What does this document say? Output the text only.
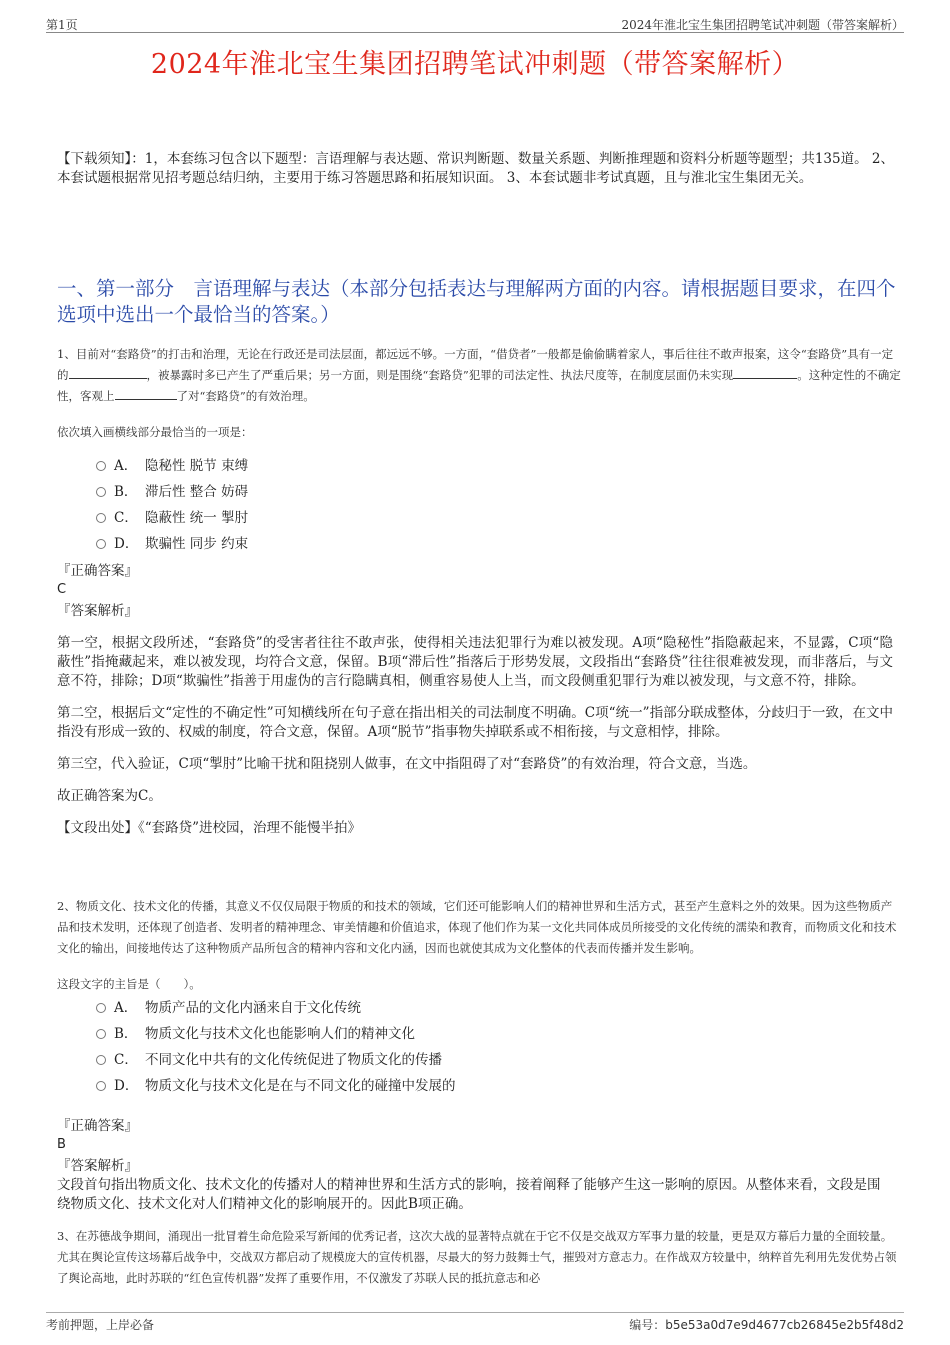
第1页	2024年淮北宝生集团招聘笔试冲刺题（带答案解析）
2024年淮北宝生集团招聘笔试冲刺题（带答案解析）
【下载须知】：1，本套练习包含以下题型：言语理解与表达题、常识判断题、数量关系题、判断推理题和资料分析题等题型；共135道。 2、本套试题根据常见招考题总结归纳，主要用于练习答题思路和拓展知识面。 3、本套试题非考试真题，且与淮北宝生集团无关。
一、第一部分　言语理解与表达（本部分包括表达与理解两方面的内容。请根据题目要求，在四个选项中选出一个最恰当的答案。）
1、目前对“套路贷”的打击和治理，无论在行政还是司法层面，都远远不够。一方面，“借贷者”一般都是偷偷瞒着家人，事后往往不敢声报案，这令“套路贷”具有一定的	，被暴露时多已产生了严重后果；另一方面，则是围绕“套路贷”犯罪的司法定性、执法尺度等，在制度层面仍未实现	。这种定性的不确定性，客观上	了对“套路贷”的有效治理。
依次填入画横线部分最恰当的一项是：
A． 隐秘性 脱节 束缚
B． 滞后性 整合 妨碍
C． 隐蔽性 统一 掣肘
D． 欺骗性 同步 约束
『正确答案』
C
『答案解析』

第一空，根据文段所述，“套路贷”的受害者往往不敢声张，使得相关违法犯罪行为难以被发现。A项“隐秘性”指隐蔽起来，不显露，C项“隐蔽性”指掩藏起来，难以被发现，均符合文意，保留。B项“滞后性”指落后于形势发展，文段指出“套路贷”往往很难被发现，而非落后，与文意不符，排除；D项“欺骗性”指善于用虚伪的言行隐瞒真相，侧重容易使人上当，而文段侧重犯罪行为难以被发现，与文意不符，排除。

第二空，根据后文“定性的不确定性”可知横线所在句子意在指出相关的司法制度不明确。C项“统一”指部分联成整体，分歧归于一致，在文中指没有形成一致的、权威的制度，符合文意，保留。A项“脱节”指事物失掉联系或不相衔接，与文意相悖，排除。

第三空，代入验证，C项“掣肘”比喻干扰和阻挠别人做事，在文中指阻碍了对“套路贷”的有效治理，符合文意，当选。

故正确答案为C。

【文段出处】《“套路贷”进校园，治理不能慢半拍》

2、物质文化、技术文化的传播，其意义不仅仅局限于物质的和技术的领域，它们还可能影响人们的精神世界和生活方式，甚至产生意料之外的效果。因为这些物质产品和技术发明，还体现了创造者、发明者的精神理念、审美情趣和价值追求，体现了他们作为某一文化共同体成员所接受的文化传统的濡染和教育，而物质文化和技术文化的输出，间接地传达了这种物质产品所包含的精神内容和文化内涵，因而也就使其成为文化整体的代表而传播并发生影响。
这段文字的主旨是（　　）。
A． 物质产品的文化内涵来自于文化传统
B． 物质文化与技术文化也能影响人们的精神文化
C． 不同文化中共有的文化传统促进了物质文化的传播
D． 物质文化与技术文化是在与不同文化的碰撞中发展的
『正确答案』
B
『答案解析』
文段首句指出物质文化、技术文化的传播对人的精神世界和生活方式的影响，接着阐释了能够产生这一影响的原因。从整体来看，文段是围绕物质文化、技术文化对人们精神文化的影响展开的。因此B项正确。
3、在苏德战争期间，涌现出一批冒着生命危险采写新闻的优秀记者，这次大战的显著特点就在于它不仅是交战双方军事力量的较量，更是双方幕后力量的全面较量。尤其在舆论宣传这场幕后战争中，交战双方都启动了规模庞大的宣传机器，尽最大的努力鼓舞士气，摧毁对方意志力。在作战双方较量中，纳粹首先利用先发优势占领了舆论高地，此时苏联的“红色宣传机器”发挥了重要作用，不仅激发了苏联人民的抵抗意志和必
考前押题，上岸必备	编号：b5e53a0d7e9d4677cb26845e2b5f48d2
